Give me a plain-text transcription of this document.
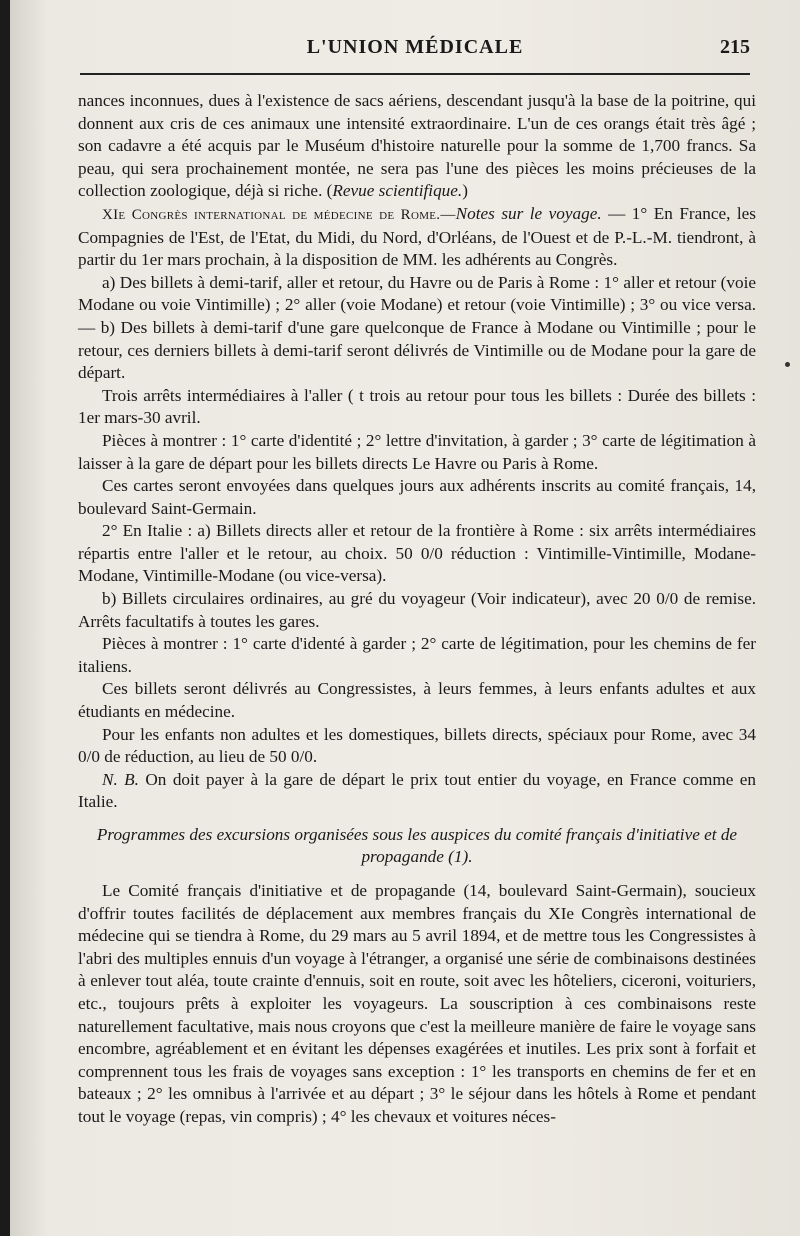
L'UNION MÉDICALE	215

nances inconnues, dues à l'existence de sacs aériens, descendant jusqu'à la base de la poitrine, qui donnent aux cris de ces animaux une intensité extraordinaire. L'un de ces orangs était très âgé ; son cadavre a été acquis par le Muséum d'histoire naturelle pour la somme de 1,700 francs. Sa peau, qui sera prochainement montée, ne sera pas l'une des pièces les moins précieuses de la collection zoologique, déjà si riche. (Revue scientifique.)

XIe Congrès international de médecine de Rome.—Notes sur le voyage. — 1° En France, les Compagnies de l'Est, de l'Etat, du Midi, du Nord, d'Orléans, de l'Ouest et de P.-L.-M. tiendront, à partir du 1er mars prochain, à la disposition de MM. les adhérents au Congrès.

a) Des billets à demi-tarif, aller et retour, du Havre ou de Paris à Rome : 1° aller et retour (voie Modane ou voie Vintimille) ; 2° aller (voie Modane) et retour (voie Vintimille) ; 3° ou vice versa. — b) Des billets à demi-tarif d'une gare quelconque de France à Modane ou Vintimille ; pour le retour, ces derniers billets à demi-tarif seront délivrés de Vintimille ou de Modane pour la gare de départ.

Trois arrêts intermédiaires à l'aller ( t trois au retour pour tous les billets : Durée des billets : 1er mars-30 avril.

Pièces à montrer : 1° carte d'identité ; 2° lettre d'invitation, à garder ; 3° carte de légitimation à laisser à la gare de départ pour les billets directs Le Havre ou Paris à Rome.

Ces cartes seront envoyées dans quelques jours aux adhérents inscrits au comité français, 14, boulevard Saint-Germain.

2° En Italie : a) Billets directs aller et retour de la frontière à Rome : six arrêts intermédiaires répartis entre l'aller et le retour, au choix. 50 0/0 réduction : Vintimille-Vintimille, Modane-Modane, Vintimille-Modane (ou vice-versa).

b) Billets circulaires ordinaires, au gré du voyageur (Voir indicateur), avec 20 0/0 de remise. Arrêts facultatifs à toutes les gares.

Pièces à montrer : 1° carte d'identé à garder ; 2° carte de légitimation, pour les chemins de fer italiens.

Ces billets seront délivrés au Congressistes, à leurs femmes, à leurs enfants adultes et aux étudiants en médecine.

Pour les enfants non adultes et les domestiques, billets directs, spéciaux pour Rome, avec 34 0/0 de réduction, au lieu de 50 0/0.

N. B. On doit payer à la gare de départ le prix tout entier du voyage, en France comme en Italie.

Programmes des excursions organisées sous les auspices du comité français d'initiative et de propagande (1).

Le Comité français d'initiative et de propagande (14, boulevard Saint-Germain), soucieux d'offrir toutes facilités de déplacement aux membres français du XIe Congrès international de médecine qui se tiendra à Rome, du 29 mars au 5 avril 1894, et de mettre tous les Congressistes à l'abri des multiples ennuis d'un voyage à l'étranger, a organisé une série de combinaisons destinées à enlever tout aléa, toute crainte d'ennuis, soit en route, soit avec les hôteliers, ciceroni, voituriers, etc., toujours prêts à exploiter les voyageurs. La souscription à ces combinaisons reste naturellement facultative, mais nous croyons que c'est la meilleure manière de faire le voyage sans encombre, agréablement et en évitant les dépenses exagérées et inutiles. Les prix sont à forfait et comprennent tous les frais de voyages sans exception : 1° les transports en chemins de fer et en bateaux ; 2° les omnibus à l'arrivée et au départ ; 3° le séjour dans les hôtels à Rome et pendant tout le voyage (repas, vin compris) ; 4° les chevaux et voitures néces-
